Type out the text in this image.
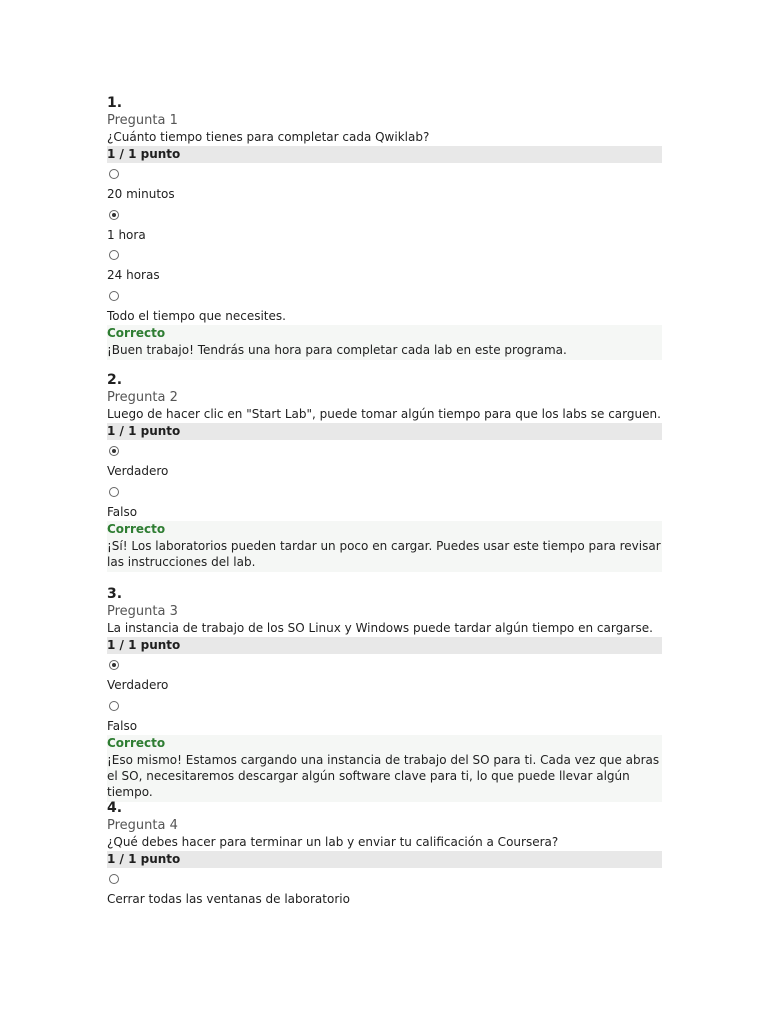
1.
Pregunta 1
¿Cuánto tiempo tienes para completar cada Qwiklab?
1 / 1 punto
20 minutos
1 hora
24 horas
Todo el tiempo que necesites.
Correcto
¡Buen trabajo! Tendrás una hora para completar cada lab en este programa.
2.
Pregunta 2
Luego de hacer clic en "Start Lab", puede tomar algún tiempo para que los labs se carguen.
1 / 1 punto
Verdadero
Falso
Correcto
¡Sí! Los laboratorios pueden tardar un poco en cargar. Puedes usar este tiempo para revisar las instrucciones del lab.
3.
Pregunta 3
La instancia de trabajo de los SO Linux y Windows puede tardar algún tiempo en cargarse.
1 / 1 punto
Verdadero
Falso
Correcto
¡Eso mismo! Estamos cargando una instancia de trabajo del SO para ti. Cada vez que abras el SO, necesitaremos descargar algún software clave para ti, lo que puede llevar algún tiempo.
4.
Pregunta 4
¿Qué debes hacer para terminar un lab y enviar tu calificación a Coursera?
1 / 1 punto
Cerrar todas las ventanas de laboratorio
